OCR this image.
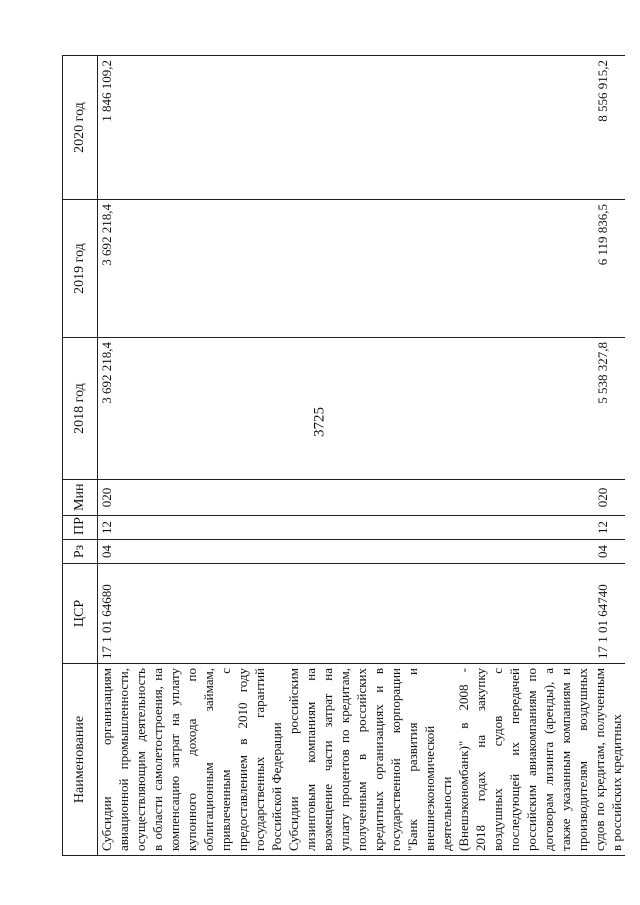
3725
Наименование	ЦСР	Рз	ПР	Мин	2018 год	2019 год	2020 год
Субсидии организациям авиационной промышленности, осуществляющим деятельность в области самолетостроения, на компенсацию затрат на уплату купонного дохода по облигационным займам, привлеченным с предоставлением в 2010 году государственных гарантий Российской Федерации	17 1 01 64680	04	12	020	3 692 218,4	3 692 218,4	1 846 109,2
Субсидии российским лизинговым компаниям на возмещение части затрат на уплату процентов по кредитам, полученным в российских кредитных организациях и в государственной корпорации "Банк развития и внешнеэкономической деятельности (Внешэкономбанк)" в 2008 - 2018 годах на закупку воздушных судов с последующей их передачей российским авиакомпаниям по договорам лизинга (аренды), а также указанным компаниям и производителям воздушных судов по кредитам, полученным в российских кредитных	17 1 01 64740	04	12	020	5 538 327,8	6 119 836,5	8 556 915,2
